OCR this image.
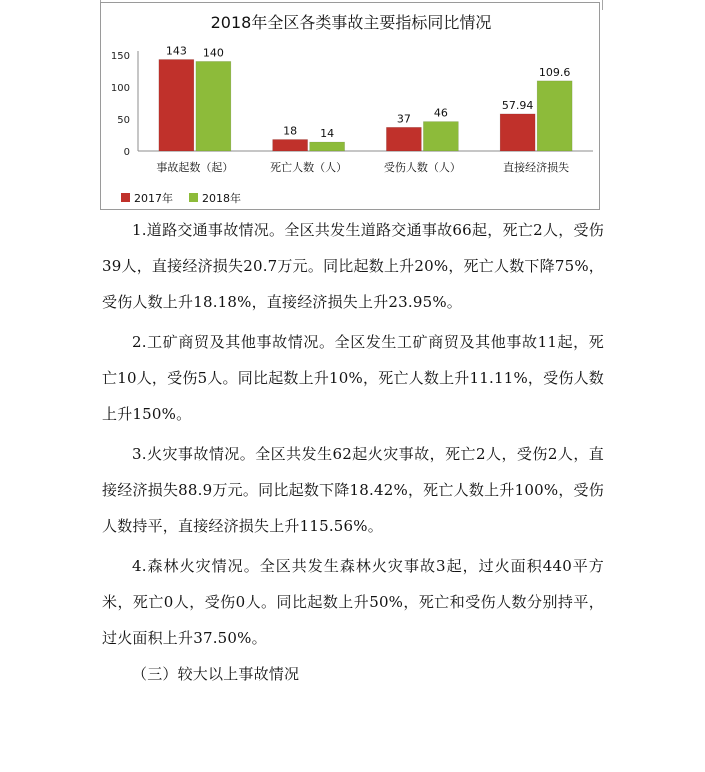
2018年全区各类事故主要指标同比情况
0
50
100
150
事故起数（起）
143 140
死亡人数（人）
18 14
受伤人数（人）
37 46
直接经济损失
57.94
109.6
2017年	2018年

1.道路交通事故情况。全区共发生道路交通事故66起，死亡2人，受伤39人，直接经济损失20.7万元。同比起数上升20%，死亡人数下降75%，受伤人数上升18.18%，直接经济损失上升23.95%。

2.工矿商贸及其他事故情况。全区发生工矿商贸及其他事故11起，死亡10人，受伤5人。同比起数上升10%，死亡人数上升11.11%，受伤人数上升150%。

3.火灾事故情况。全区共发生62起火灾事故，死亡2人，受伤2人，直接经济损失88.9万元。同比起数下降18.42%，死亡人数上升100%，受伤人数持平，直接经济损失上升115.56%。

4.森林火灾情况。全区共发生森林火灾事故3起，过火面积440平方米，死亡0人，受伤0人。同比起数上升50%，死亡和受伤人数分别持平，过火面积上升37.50%。

（三）较大以上事故情况
